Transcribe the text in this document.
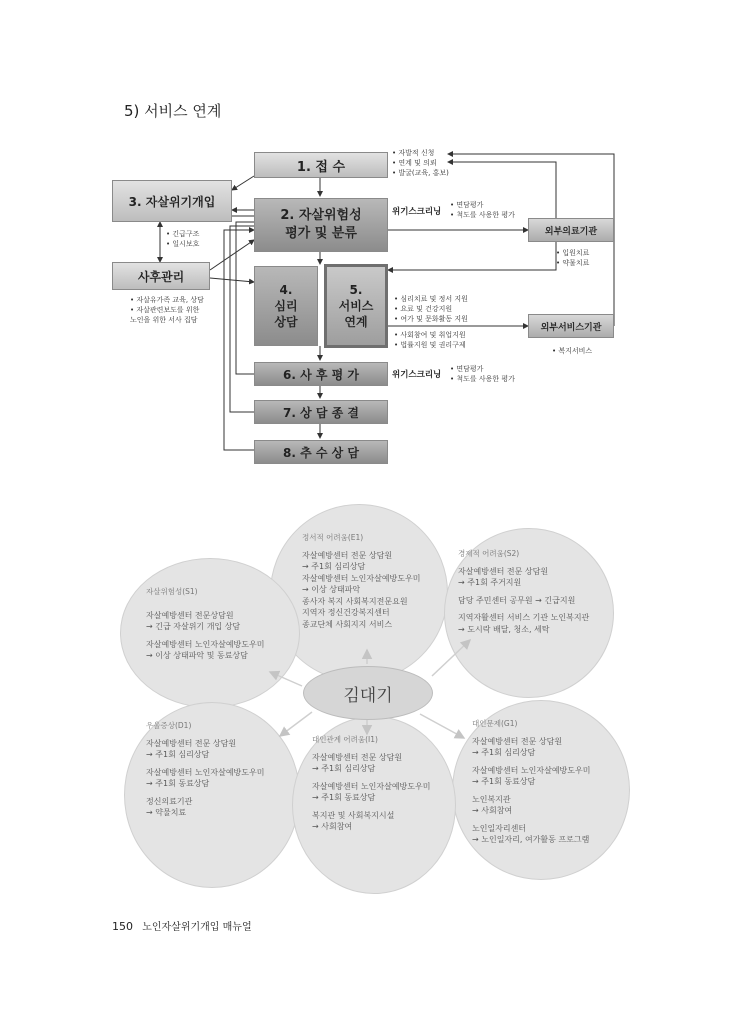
5) 서비스 연계
1. 접 수
2. 자살위험성
평가 및 분류
3. 자살위기개입
4.
심리
상담
5.
서비스
연계
사후관리
6. 사 후 평 가
7. 상 담 종 결
8. 추 수 상 담
외부의료기관
외부서비스기관
위기스크리닝
위기스크리닝
• 자발적 신청
• 연계 및 의뢰
• 발굴(교육, 홍보)
• 면담평가
• 척도를 사용한 평가
• 긴급구조
• 일시보호
• 자살유가족 교육, 상담
• 자살관련보도를 위한
노인을 위한 서사 집담
• 입원치료
• 약물치료
• 심리치료 및 정서 지원
• 요료 및 건강지원
• 여가 및 문화활동 지원
• 사회참여 및 취업지원
• 법률지원 및 권리구제
• 복지서비스
• 면담평가
• 척도를 사용한 평가
김대기
정서적 어려움(E1)
자살예방센터 전문 상담원
→ 주1회 심리상담
자살예방센터 노인자살예방도우미
→ 이상 상태파악
종사자 복지 사회복지전문요원
지역자 정신건강복지센터
종교단체 사회지지 서비스
경제적 어려움(S2)
자살예방센터 전문 상담원
→ 주1회 주거지원
담당 주민센터 공무원 → 긴급지원
지역자활센터 서비스 기관 노인복지관
→ 도시락 배달, 청소, 세탁
자살위험성(S1)
자살예방센터 전문상담원
→ 긴급 자살위기 개입 상담
자살예방센터 노인자살예방도우미
→ 이상 상태파악 및 동료상담
대인문제(G1)
자살예방센터 전문 상담원
→ 주1회 심리상담
자살예방센터 노인자살예방도우미
→ 주1회 동료상담
노인복지관
→ 사회참여
노인일자리센터
→ 노인일자리, 여가활동 프로그램
우울증상(D1)
자살예방센터 전문 상담원
→ 주1회 심리상담
자살예방센터 노인자살예방도우미
→ 주1회 동료상담
정신의료기관
→ 약물치료
대인관계 어려움(I1)
자살예방센터 전문 상담원
→ 주1회 심리상담
자살예방센터 노인자살예방도우미
→ 주1회 동료상담
복지관 및 사회복지시설
→ 사회참여
150 노인자살위기개입 매뉴얼
